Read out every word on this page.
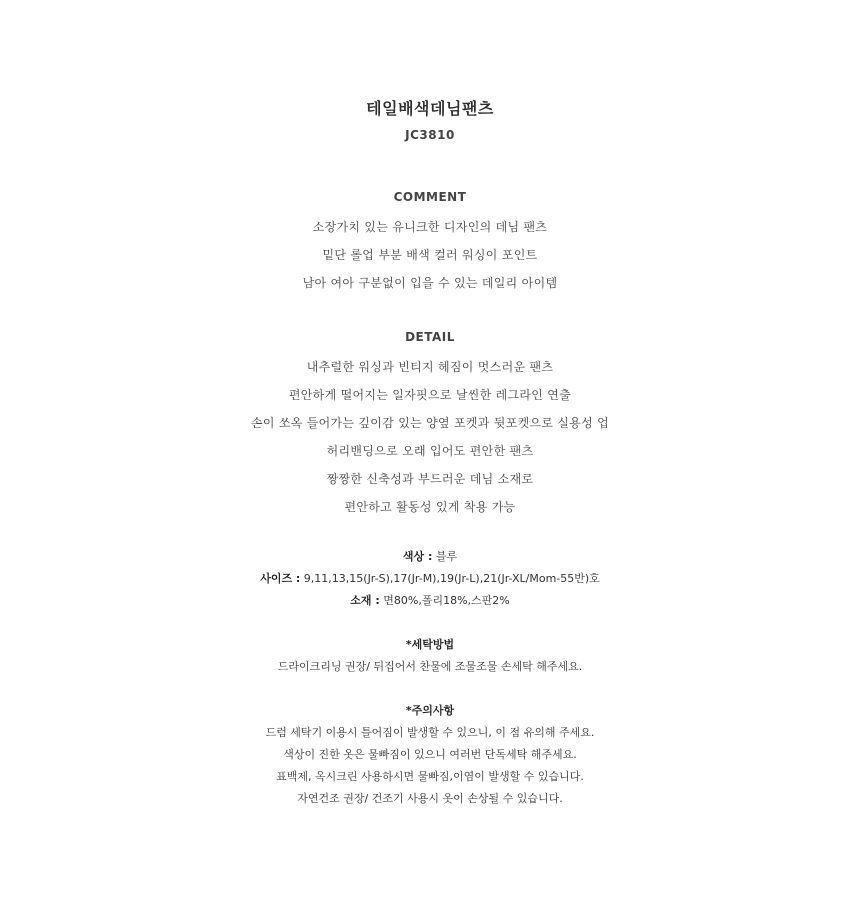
테일배색데님팬츠
JC3810
COMMENT
소장가치 있는 유니크한 디자인의 데님 팬츠
밑단 롤업 부분 배색 컬러 워싱이 포인트
남아 여아 구분없이 입을 수 있는 데일리 아이템
DETAIL
내추럴한 워싱과 빈티지 헤짐이 멋스러운 팬츠
편안하게 떨어지는 일자핏으로 날씬한 레그라인 연출
손이 쏘옥 들어가는 깊이감 있는 양옆 포켓과 뒷포켓으로 실용성 업
허리밴딩으로 오래 입어도 편안한 팬츠
짱짱한 신축성과 부드러운 데님 소재로
편안하고 활동성 있게 착용 가능
색상 : 블루
사이즈 : 9,11,13,15(Jr-S),17(Jr-M),19(Jr-L),21(Jr-XL/Mom-55반)호
소재 : 면80%,폴리18%,스판2%
*세탁방법
드라이크리닝 권장/ 뒤집어서 찬물에 조물조물 손세탁 해주세요.
*주의사항
드럼 세탁기 이용시 틀어짐이 발생할 수 있으니, 이 점 유의해 주세요.
색상이 진한 옷은 물빠짐이 있으니 여러번 단독세탁 해주세요.
표백제, 옥시크린 사용하시면 물빠짐,이염이 발생할 수 있습니다.
자연건조 권장/ 건조기 사용시 옷이 손상될 수 있습니다.
